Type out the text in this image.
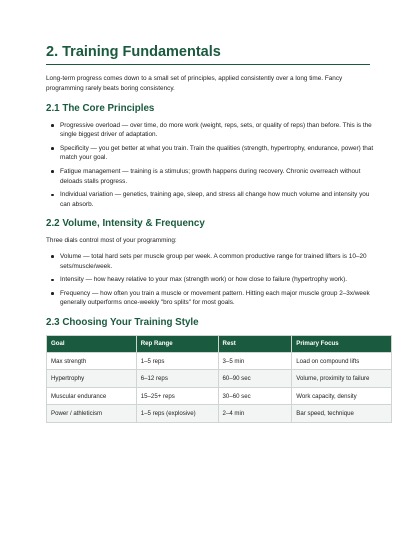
2. Training Fundamentals

Long-term progress comes down to a small set of principles, applied consistently over a long time. Fancy programming rarely beats boring consistency.

2.1 The Core Principles
Progressive overload — over time, do more work (weight, reps, sets, or quality of reps) than before. This is the single biggest driver of adaptation.
Specificity — you get better at what you train. Train the qualities (strength, hypertrophy, endurance, power) that match your goal.
Fatigue management — training is a stimulus; growth happens during recovery. Chronic overreach without deloads stalls progress.
Individual variation — genetics, training age, sleep, and stress all change how much volume and intensity you can absorb.
2.2 Volume, Intensity & Frequency

Three dials control most of your programming:

Volume — total hard sets per muscle group per week. A common productive range for trained lifters is 10–20 sets/muscle/week.
Intensity — how heavy relative to your max (strength work) or how close to failure (hypertrophy work).
Frequency — how often you train a muscle or movement pattern. Hitting each major muscle group 2–3x/week generally outperforms once-weekly "bro splits" for most goals.
2.3 Choosing Your Training Style
Goal	Rep Range	Rest	Primary Focus
Max strength	1–5 reps	3–5 min	Load on compound lifts
Hypertrophy	6–12 reps	60–90 sec	Volume, proximity to failure
Muscular endurance	15–25+ reps	30–60 sec	Work capacity, density
Power / athleticism	1–5 reps (explosive)	2–4 min	Bar speed, technique
